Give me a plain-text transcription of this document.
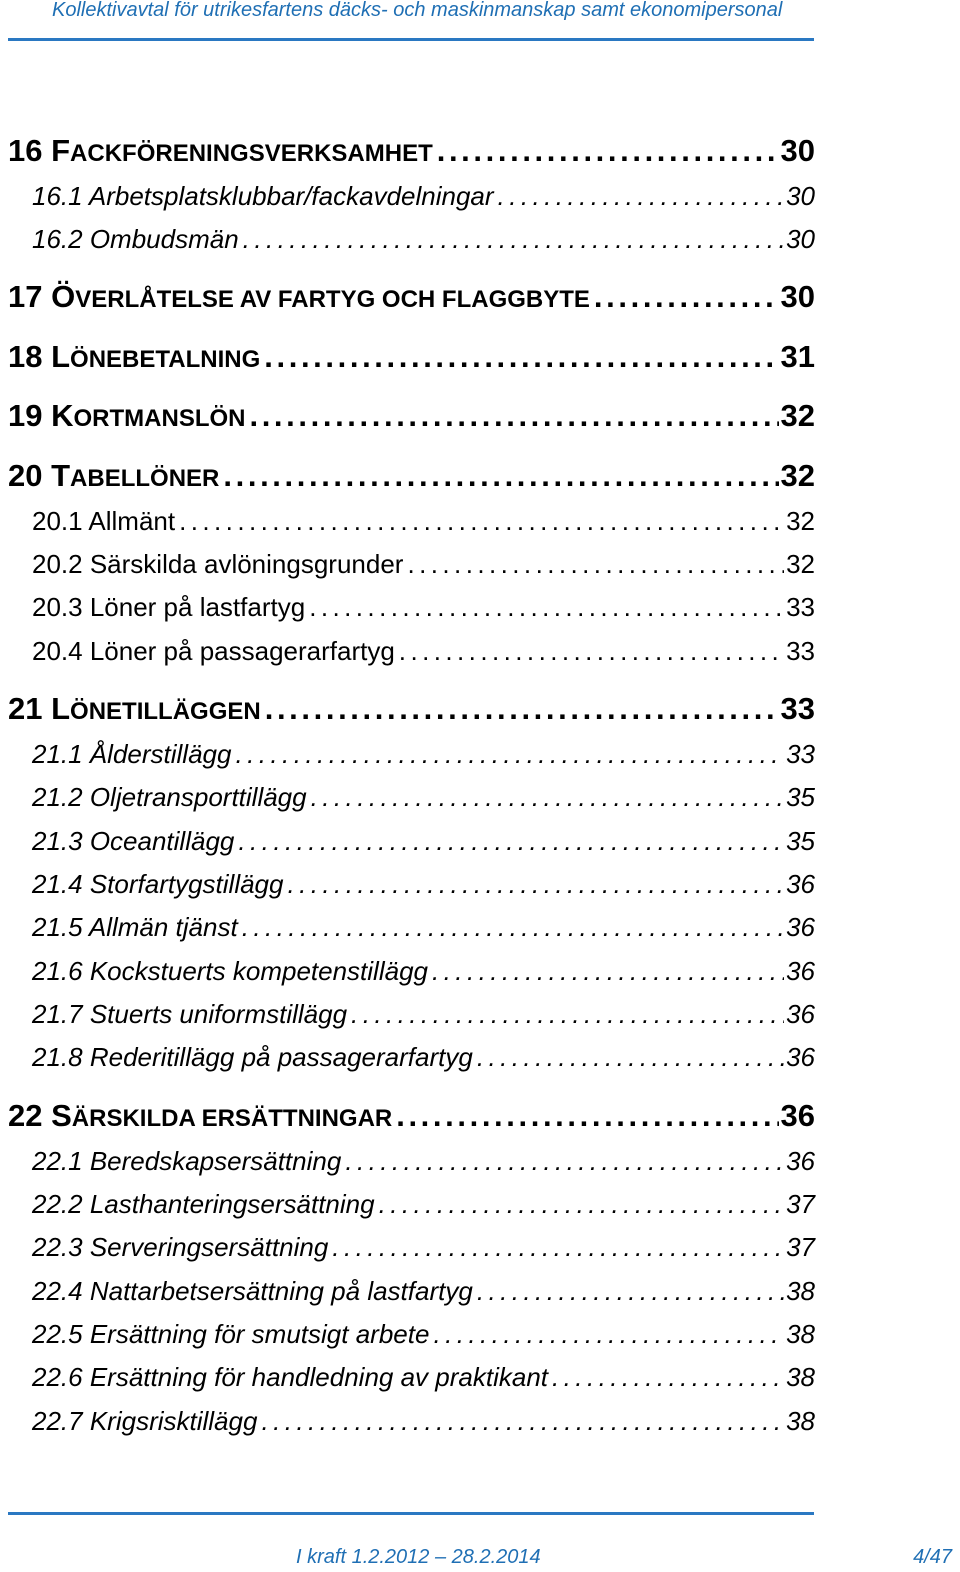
Kollektivavtal för utrikesfartens däcks- och maskinmanskap samt ekonomipersonal
16 FACKFÖRENINGSVERKSAMHET . . .	30
16.1 Arbetsplatsklubbar/fackavdelningar . . .	30
16.2 Ombudsmän . . .	30
17 ÖVERLÅTELSE AV FARTYG OCH FLAGGBYTE . . .	30
18 LÖNEBETALNING . . .	31
19 KORTMANSLÖN . . .	32
20 TABELLÖNER . . .	32
20.1 Allmänt . . .	32
20.2 Särskilda avlöningsgrunder . . .	32
20.3 Löner på lastfartyg . . .	33
20.4 Löner på passagerarfartyg . . .	33
21 LÖNETILLÄGGEN . . .	33
21.1 Ålderstillägg . . .	33
21.2 Oljetransporttillägg . . .	35
21.3 Oceantillägg . . .	35
21.4 Storfartygstillägg . . .	36
21.5 Allmän tjänst . . .	36
21.6 Kockstuerts kompetenstillägg . . .	36
21.7 Stuerts uniformstillägg . . .	36
21.8 Rederitillägg på passagerarfartyg . . .	36
22 SÄRSKILDA ERSÄTTNINGAR . . .	36
22.1 Beredskapsersättning . . .	36
22.2 Lasthanteringsersättning . . .	37
22.3 Serveringsersättning . . .	37
22.4 Nattarbetsersättning på lastfartyg . . .	38
22.5 Ersättning för smutsigt arbete . . .	38
22.6 Ersättning för handledning av praktikant . . .	38
22.7 Krigsrisktillägg . . .	38
I kraft 1.2.2012 – 28.2.2014	4/47
